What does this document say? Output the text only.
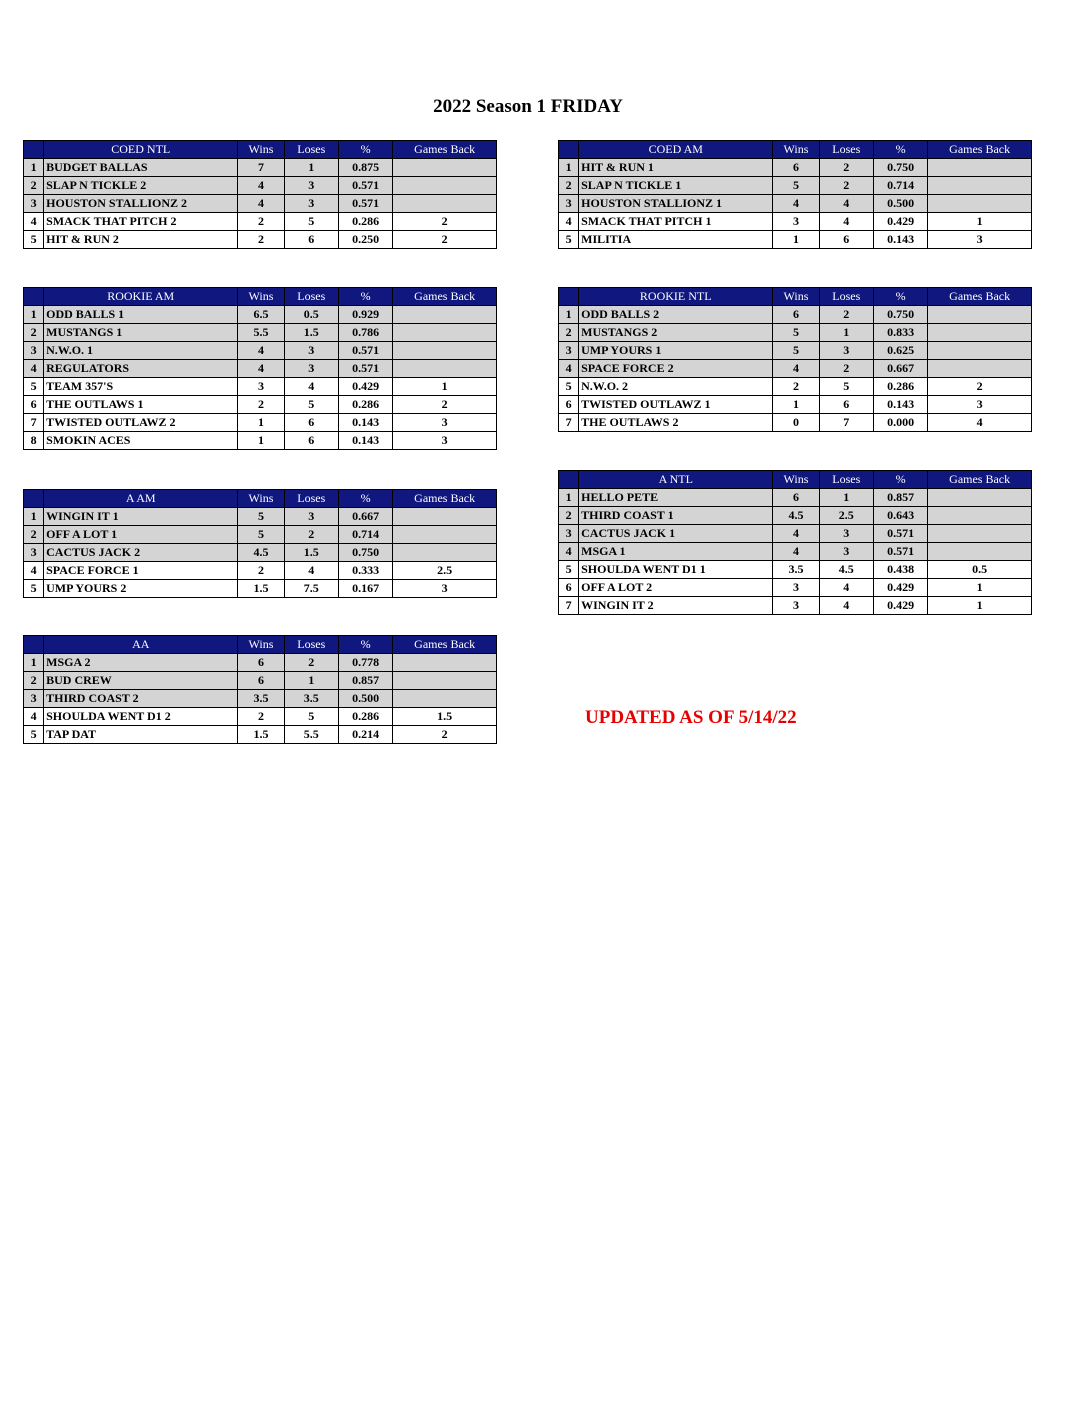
2022 Season 1 FRIDAY
	COED NTL	Wins	Loses	%	Games Back
1	BUDGET BALLAS	7	1	0.875	
2	SLAP N TICKLE 2	4	3	0.571	
3	HOUSTON STALLIONZ 2	4	3	0.571	
4	SMACK THAT PITCH 2	2	5	0.286	2
5	HIT & RUN 2	2	6	0.250	2
	COED AM	Wins	Loses	%	Games Back
1	HIT & RUN 1	6	2	0.750	
2	SLAP N TICKLE 1	5	2	0.714	
3	HOUSTON STALLIONZ 1	4	4	0.500	
4	SMACK THAT PITCH 1	3	4	0.429	1
5	MILITIA	1	6	0.143	3
	ROOKIE AM	Wins	Loses	%	Games Back
1	ODD BALLS 1	6.5	0.5	0.929	
2	MUSTANGS 1	5.5	1.5	0.786	
3	N.W.O. 1	4	3	0.571	
4	REGULATORS	4	3	0.571	
5	TEAM 357'S	3	4	0.429	1
6	THE OUTLAWS 1	2	5	0.286	2
7	TWISTED OUTLAWZ 2	1	6	0.143	3
8	SMOKIN ACES	1	6	0.143	3
	ROOKIE NTL	Wins	Loses	%	Games Back
1	ODD BALLS 2	6	2	0.750	
2	MUSTANGS 2	5	1	0.833	
3	UMP YOURS 1	5	3	0.625	
4	SPACE FORCE 2	4	2	0.667	
5	N.W.O. 2	2	5	0.286	2
6	TWISTED OUTLAWZ 1	1	6	0.143	3
7	THE OUTLAWS 2	0	7	0.000	4
	A AM	Wins	Loses	%	Games Back
1	WINGIN IT 1	5	3	0.667	
2	OFF A LOT 1	5	2	0.714	
3	CACTUS JACK 2	4.5	1.5	0.750	
4	SPACE FORCE 1	2	4	0.333	2.5
5	UMP YOURS 2	1.5	7.5	0.167	3
	A NTL	Wins	Loses	%	Games Back
1	HELLO PETE	6	1	0.857	
2	THIRD COAST 1	4.5	2.5	0.643	
3	CACTUS JACK 1	4	3	0.571	
4	MSGA 1	4	3	0.571	
5	SHOULDA WENT D1 1	3.5	4.5	0.438	0.5
6	OFF A LOT 2	3	4	0.429	1
7	WINGIN IT 2	3	4	0.429	1
	AA	Wins	Loses	%	Games Back
1	MSGA 2	6	2	0.778	
2	BUD CREW	6	1	0.857	
3	THIRD COAST 2	3.5	3.5	0.500	
4	SHOULDA WENT D1 2	2	5	0.286	1.5
5	TAP DAT	1.5	5.5	0.214	2
UPDATED AS OF 5/14/22
